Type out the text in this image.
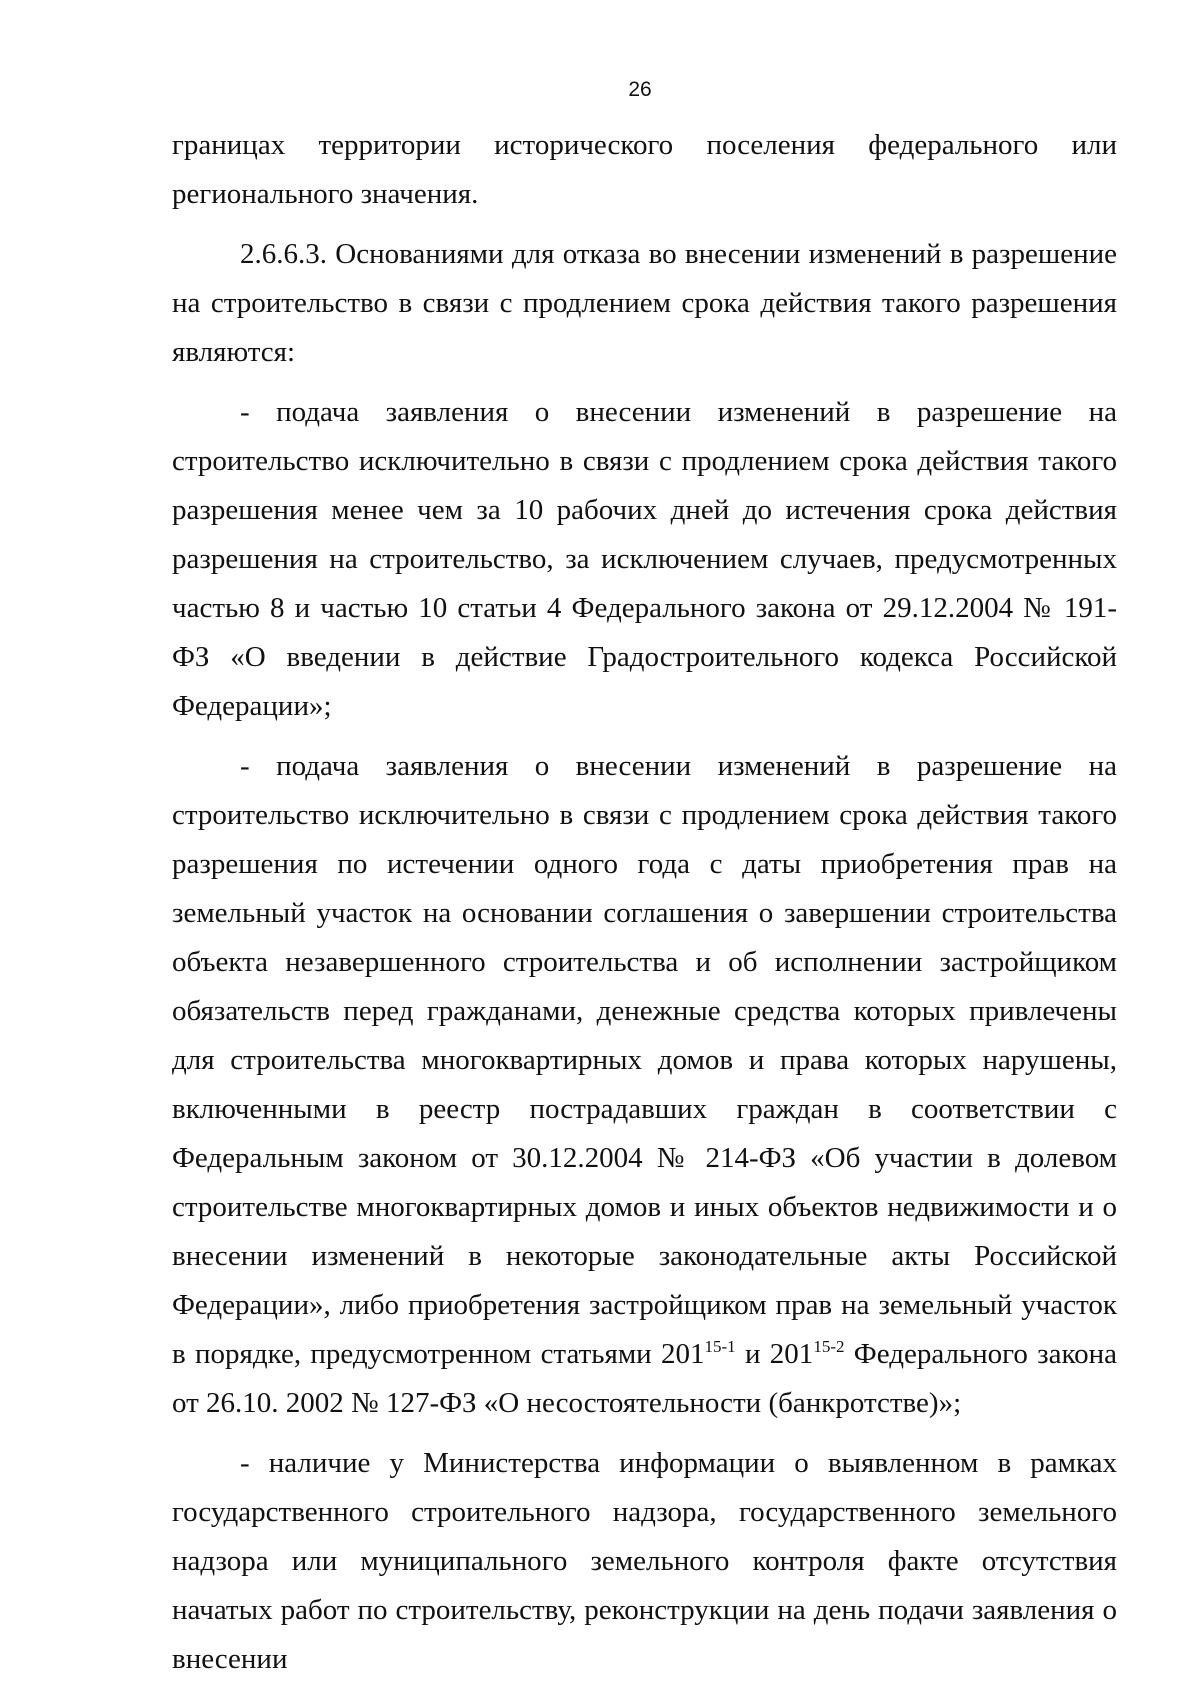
26

границах территории исторического поселения федерального или регионального значения.

2.6.6.3. Основаниями для отказа во внесении изменений в разрешение на строительство в связи с продлением срока действия такого разрешения являются:

- подача заявления о внесении изменений в разрешение на строительство исключительно в связи с продлением срока действия такого разрешения менее чем за 10 рабочих дней до истечения срока действия разрешения на строительство, за исключением случаев, предусмотренных частью 8 и частью 10 статьи 4 Федерального закона от 29.12.2004 № 191-ФЗ «О введении в действие Градостроительного кодекса Российской Федерации»;

- подача заявления о внесении изменений в разрешение на строительство исключительно в связи с продлением срока действия такого разрешения по истечении одного года с даты приобретения прав на земельный участок на основании соглашения о завершении строительства объекта незавершенного строительства и об исполнении застройщиком обязательств перед гражданами, денежные средства которых привлечены для строительства многоквартирных домов и права которых нарушены, включенными в реестр пострадавших граждан в соответствии с Федеральным законом от 30.12.2004 № 214-ФЗ «Об участии в долевом строительстве многоквартирных домов и иных объектов недвижимости и о внесении изменений в некоторые законодательные акты Российской Федерации», либо приобретения застройщиком прав на земельный участок в порядке, предусмотренном статьями 201$^{15-1}$ и 201$^{15-2}$ Федерального закона от 26.10. 2002 № 127-ФЗ «О несостоятельности (банкротстве)»;

- наличие у Министерства информации о выявленном в рамках государственного строительного надзора, государственного земельного надзора или муниципального земельного контроля факте отсутствия начатых работ по строительству, реконструкции на день подачи заявления о внесении
